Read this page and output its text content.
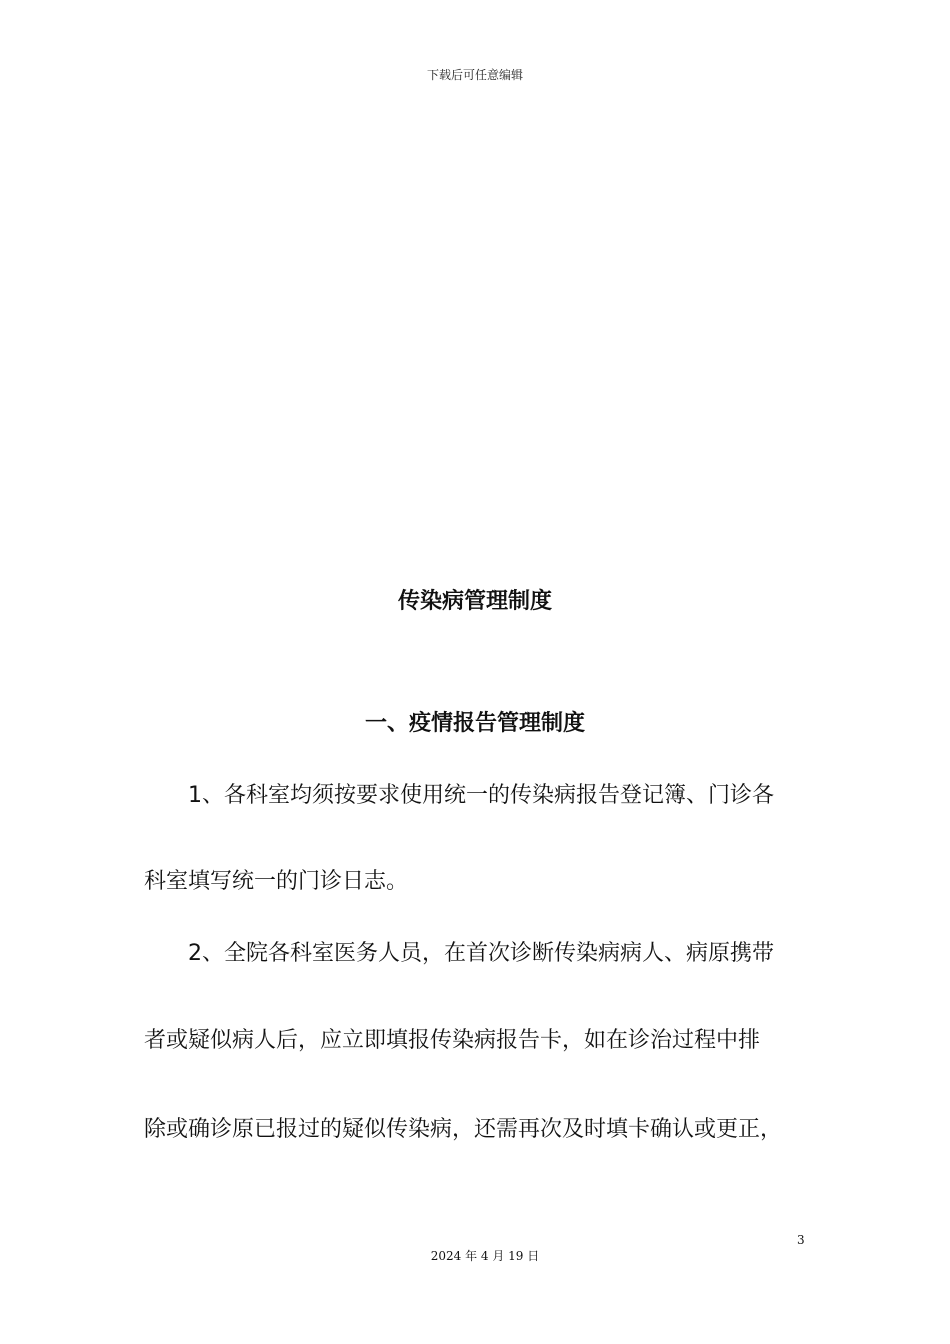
下载后可任意编辑
传染病管理制度
一、疫情报告管理制度
1、各科室均须按要求使用统一的传染病报告登记簿、门诊各
科室填写统一的门诊日志。
2、全院各科室医务人员，在首次诊断传染病病人、病原携带
者或疑似病人后，应立即填报传染病报告卡，如在诊治过程中排
除或确诊原已报过的疑似传染病，还需再次及时填卡确认或更正，
3
2024 年 4 月 19 日
